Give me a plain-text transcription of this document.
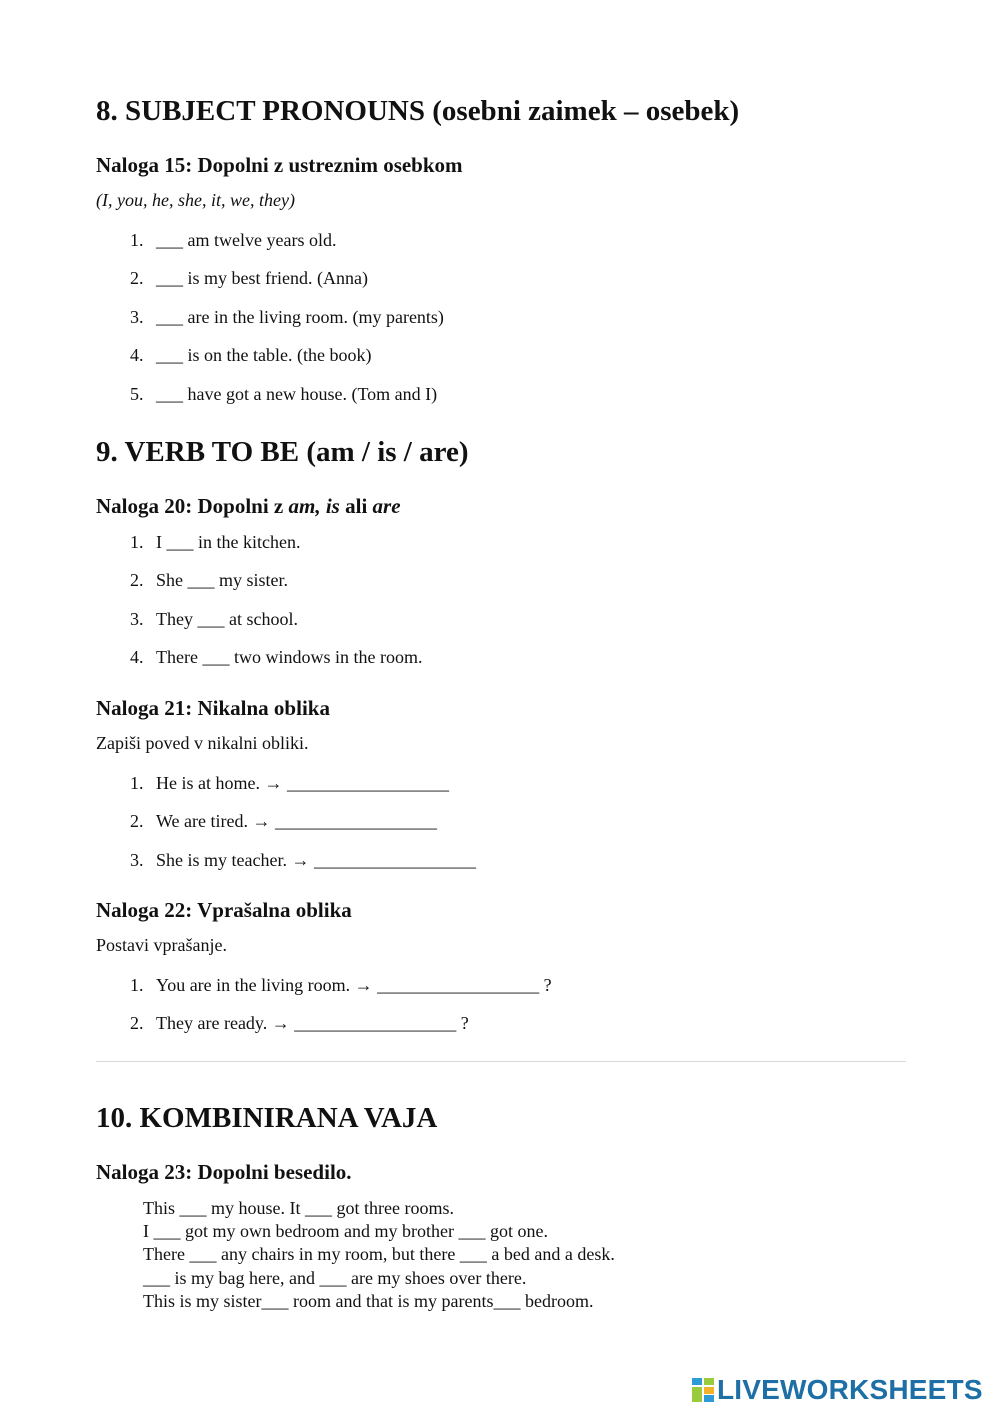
8. SUBJECT PRONOUNS (osebni zaimek – osebek)
Naloga 15: Dopolni z ustreznim osebkom

(I, you, he, she, it, we, they)

1. ___ am twelve years old.
2. ___ is my best friend. (Anna)
3. ___ are in the living room. (my parents)
4. ___ is on the table. (the book)
5. ___ have got a new house. (Tom and I)
9. VERB TO BE (am / is / are)
Naloga 20: Dopolni z am, is ali are
1. I ___ in the kitchen.
2. She ___ my sister.
3. They ___ at school.
4. There ___ two windows in the room.
Naloga 21: Nikalna oblika

Zapiši poved v nikalni obliki.

1. He is at home. → __________________
2. We are tired. → __________________
3. She is my teacher. → __________________
Naloga 22: Vprašalna oblika

Postavi vprašanje.

1. You are in the living room. → __________________ ?
2. They are ready. → __________________ ?
10. KOMBINIRANA VAJA
Naloga 23: Dopolni besedilo.
This ___ my house. It ___ got three rooms.
I ___ got my own bedroom and my brother ___ got one.
There ___ any chairs in my room, but there ___ a bed and a desk.
___ is my bag here, and ___ are my shoes over there.
This is my sister___ room and that is my parents___ bedroom.
LIVEWORKSHEETS
